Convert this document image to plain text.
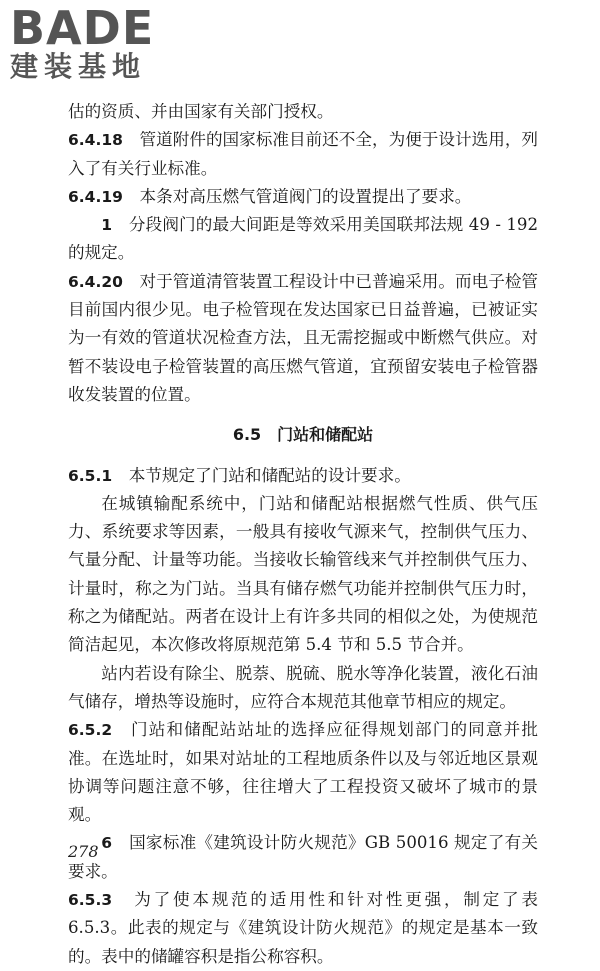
BADE
建装基地

估的资质、并由国家有关部门授权。

6.4.18　 管道附件的国家标准目前还不全，为便于设计选用，列入了有关行业标准。

6.4.19　 本条对高压燃气管道阀门的设置提出了要求。

1　 分段阀门的最大间距是等效采用美国联邦法规 49 - 192 的规定。

6.4.20　 对于管道清管装置工程设计中已普遍采用。而电子检管目前国内很少见。电子检管现在发达国家已日益普遍，已被证实为一有效的管道状况检查方法，且无需挖掘或中断燃气供应。对暂不装设电子检管装置的高压燃气管道，宜预留安装电子检管器收发装置的位置。

6.5　门站和储配站

6.5.1　 本节规定了门站和储配站的设计要求。

在城镇输配系统中，门站和储配站根据燃气性质、供气压力、系统要求等因素，一般具有接收气源来气，控制供气压力、气量分配、计量等功能。当接收长输管线来气并控制供气压力、计量时，称之为门站。当具有储存燃气功能并控制供气压力时，称之为储配站。两者在设计上有许多共同的相似之处，为使规范简洁起见，本次修改将原规范第 5.4 节和 5.5 节合并。

站内若设有除尘、脱萘、脱硫、脱水等净化装置，液化石油气储存，增热等设施时，应符合本规范其他章节相应的规定。

6.5.2　 门站和储配站站址的选择应征得规划部门的同意并批准。在选址时，如果对站址的工程地质条件以及与邻近地区景观协调等问题注意不够，往往增大了工程投资又破坏了城市的景观。

6　 国家标准《建筑设计防火规范》GB 50016 规定了有关要求。

6.5.3　 为了使本规范的适用性和针对性更强，制定了表 6.5.3。此表的规定与《建筑设计防火规范》的规定是基本一致的。表中的储罐容积是指公称容积。

278
